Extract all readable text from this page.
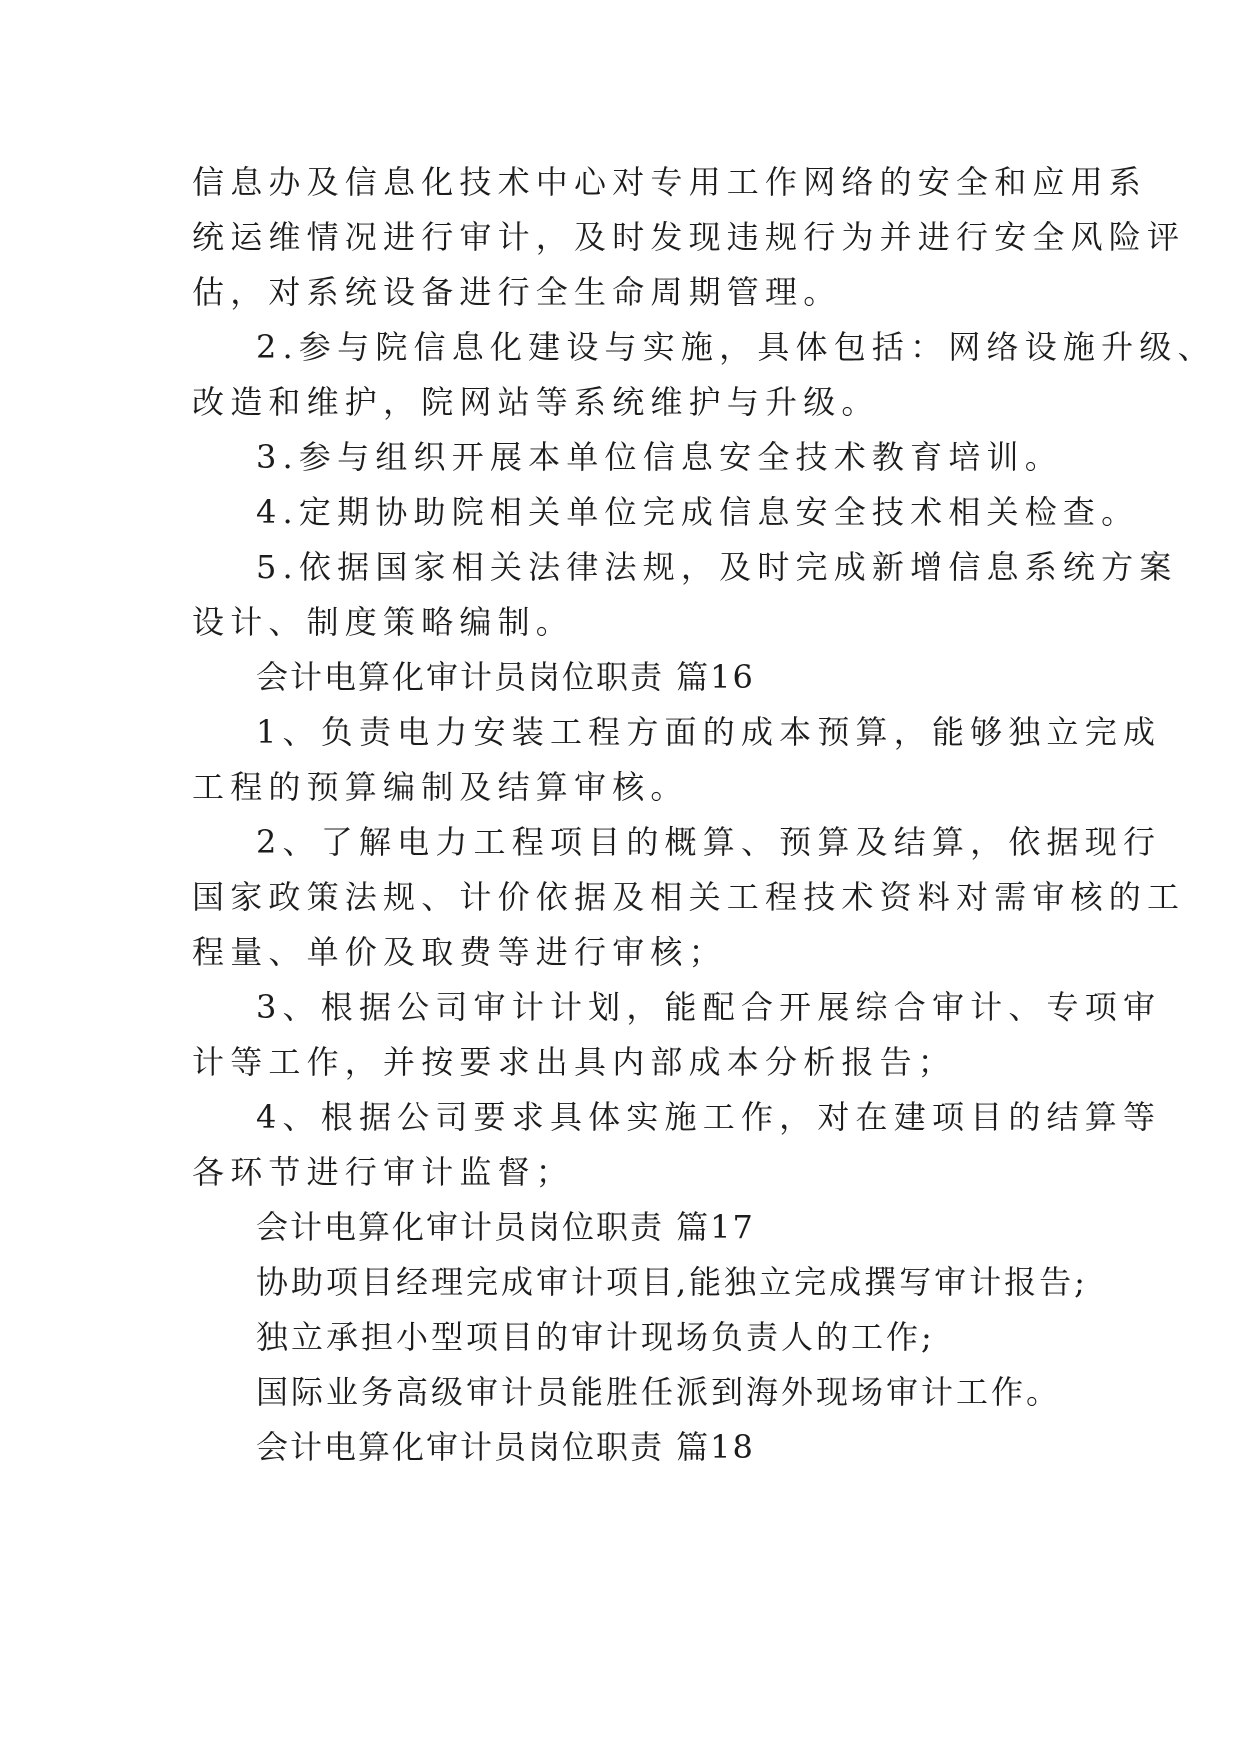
信息办及信息化技术中心对专用工作网络的安全和应用系
统运维情况进行审计，及时发现违规行为并进行安全风险评
估，对系统设备进行全生命周期管理。
2.参与院信息化建设与实施，具体包括：网络设施升级、
改造和维护，院网站等系统维护与升级。
3.参与组织开展本单位信息安全技术教育培训。
4.定期协助院相关单位完成信息安全技术相关检查。
5.依据国家相关法律法规，及时完成新增信息系统方案
设计、制度策略编制。
会计电算化审计员岗位职责 篇16
1、负责电力安装工程方面的成本预算，能够独立完成
工程的预算编制及结算审核。
2、了解电力工程项目的概算、预算及结算，依据现行
国家政策法规、计价依据及相关工程技术资料对需审核的工
程量、单价及取费等进行审核；
3、根据公司审计计划，能配合开展综合审计、专项审
计等工作，并按要求出具内部成本分析报告；
4、根据公司要求具体实施工作，对在建项目的结算等
各环节进行审计监督；
会计电算化审计员岗位职责 篇17
协助项目经理完成审计项目,能独立完成撰写审计报告;
独立承担小型项目的审计现场负责人的工作;
国际业务高级审计员能胜任派到海外现场审计工作。
会计电算化审计员岗位职责 篇18
